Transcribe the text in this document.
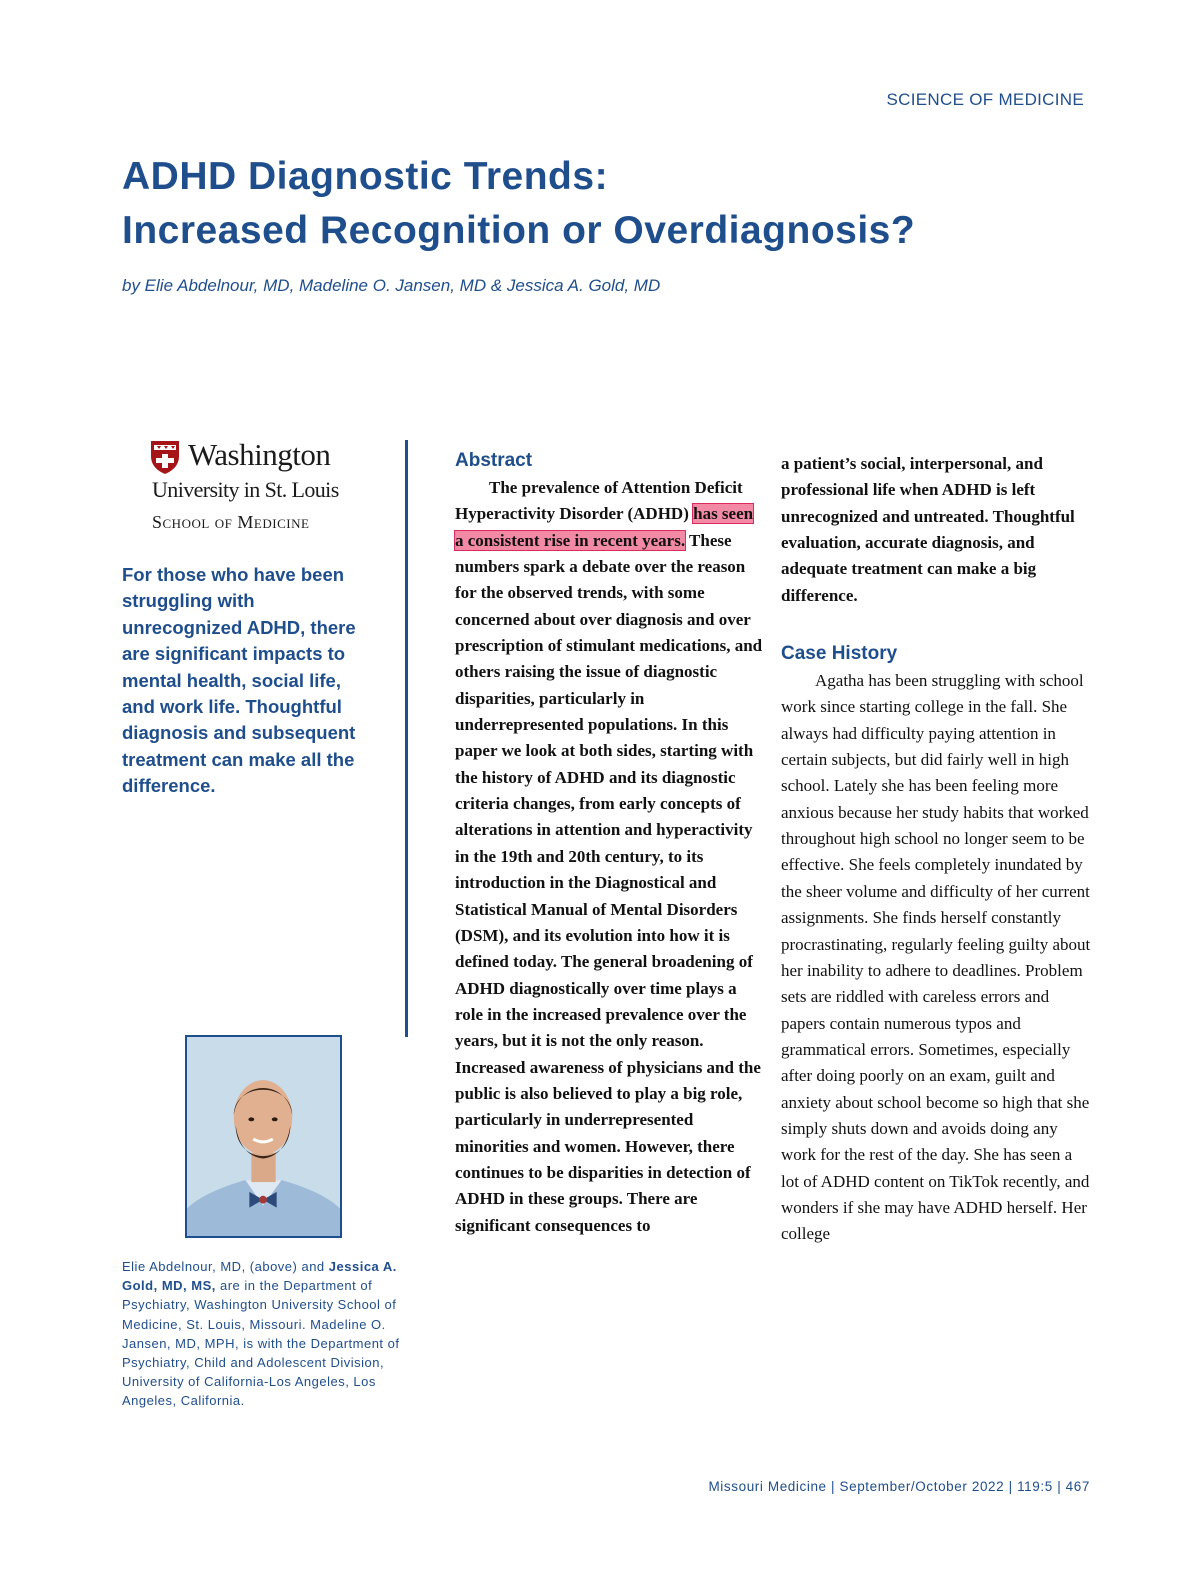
SCIENCE OF MEDICINE
ADHD Diagnostic Trends:
Increased Recognition or Overdiagnosis?
by Elie Abdelnour, MD, Madeline O. Jansen, MD & Jessica A. Gold, MD
Washington
University in St. Louis
School of Medicine

For those who have been struggling with unrecognized ADHD, there are significant impacts to mental health, social life, and work life. Thoughtful diagnosis and subsequent treatment can make all the difference.

Elie Abdelnour, MD, (above) and Jessica A. Gold, MD, MS, are in the Department of Psychiatry, Washington University School of Medicine, St. Louis, Missouri. Madeline O. Jansen, MD, MPH, is with the Department of Psychiatry, Child and Adolescent Division, University of California-Los Angeles, Los Angeles, California.

Abstract

The prevalence of Attention Deficit Hyperactivity Disorder (ADHD) has seen a consistent rise in recent years. These numbers spark a debate over the reason for the observed trends, with some concerned about over diagnosis and over prescription of stimulant medications, and others raising the issue of diagnostic disparities, particularly in underrepresented populations. In this paper we look at both sides, starting with the history of ADHD and its diagnostic criteria changes, from early concepts of alterations in attention and hyperactivity in the 19th and 20th century, to its introduction in the Diagnostical and Statistical Manual of Mental Disorders (DSM), and its evolution into how it is defined today. The general broadening of ADHD diagnostically over time plays a role in the increased prevalence over the years, but it is not the only reason. Increased awareness of physicians and the public is also believed to play a big role, particularly in underrepresented minorities and women. However, there continues to be disparities in detection of ADHD in these groups. There are significant consequences to

a patient’s social, interpersonal, and professional life when ADHD is left unrecognized and untreated. Thoughtful evaluation, accurate diagnosis, and adequate treatment can make a big difference.

Case History

Agatha has been struggling with school work since starting college in the fall. She always had difficulty paying attention in certain subjects, but did fairly well in high school. Lately she has been feeling more anxious because her study habits that worked throughout high school no longer seem to be effective. She feels completely inundated by the sheer volume and difficulty of her current assignments. She finds herself constantly procrastinating, regularly feeling guilty about her inability to adhere to deadlines. Problem sets are riddled with careless errors and papers contain numerous typos and grammatical errors. Sometimes, especially after doing poorly on an exam, guilt and anxiety about school become so high that she simply shuts down and avoids doing any work for the rest of the day. She has seen a lot of ADHD content on TikTok recently, and wonders if she may have ADHD herself. Her college

Missouri Medicine | September/October 2022 | 119:5 | 467
